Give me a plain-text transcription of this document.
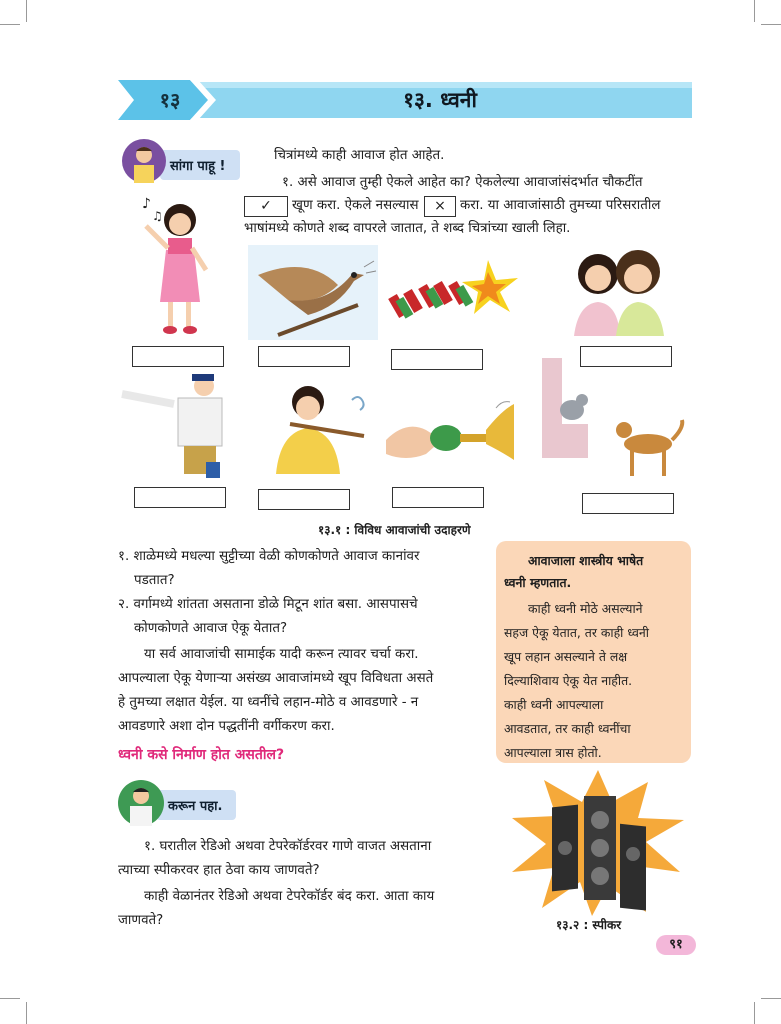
१३	१३. ध्वनी
सांगा पाहू !
चित्रांमध्ये काही आवाज होत आहेत.
१. असे आवाज तुम्ही ऐकले आहेत का? ऐकलेल्या आवाजांसंदर्भात चौकटींत
✓	खूण करा. ऐकले नसल्यास	×	करा. या आवाजांसाठी तुमच्या परिसरातील
भाषांमध्ये कोणते शब्द वापरले जातात, ते शब्द चित्रांच्या खाली लिहा.
♪
♫
१३.१ : विविध आवाजांची उदाहरणे
१. शाळेमध्ये मधल्या सुट्टीच्या वेळी कोणकोणते आवाज कानांवर
पडतात?
२. वर्गामध्ये शांतता असताना डोळे मिटून शांत बसा. आसपासचे
कोणकोणते आवाज ऐकू येतात?
या सर्व आवाजांची सामाईक यादी करून त्यावर चर्चा करा.
आपल्याला ऐकू येणाऱ्या असंख्य आवाजांमध्ये खूप विविधता असते
हे तुमच्या लक्षात येईल. या ध्वनींचे लहान-मोठे व आवडणारे - न
आवडणारे अशा दोन पद्धतींनी वर्गीकरण करा.
आवाजाला शास्त्रीय भाषेत
ध्वनी म्हणतात.
काही ध्वनी मोठे असल्याने
सहज ऐकू येतात, तर काही ध्वनी
खूप लहान असल्याने ते लक्ष
दिल्याशिवाय ऐकू येत नाहीत.
काही ध्वनी आपल्याला
आवडतात, तर काही ध्वनींचा
आपल्याला त्रास होतो.
ध्वनी कसे निर्माण होत असतील?
करून पहा.
१. घरातील रेडिओ अथवा टेपरेकॉर्डरवर गाणे वाजत असताना
त्याच्या स्पीकरवर हात ठेवा काय जाणवते?
काही वेळानंतर रेडिओ अथवा टेपरेकॉर्डर बंद करा. आता काय
जाणवते?	१३.२ : स्पीकर
९१
